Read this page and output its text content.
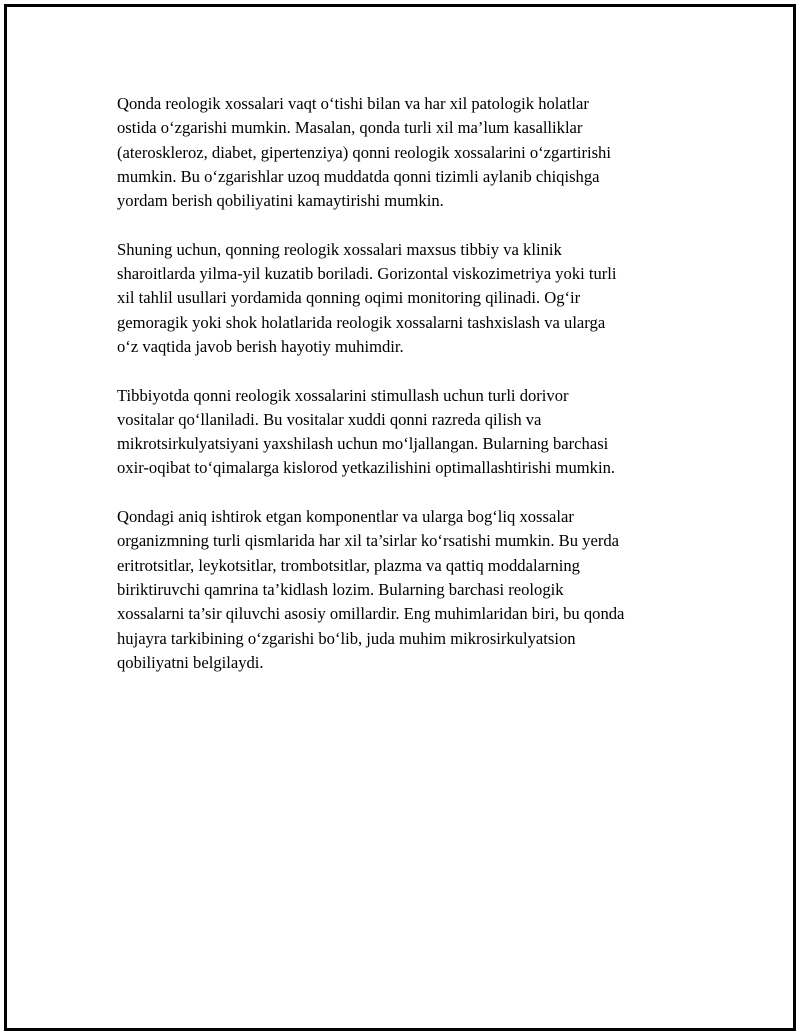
Qonda reologik xossalari vaqt o‘tishi bilan va har xil patologik holatlar
ostida o‘zgarishi mumkin. Masalan, qonda turli xil ma’lum kasalliklar
(ateroskleroz, diabet, gipertenziya) qonni reologik xossalarini o‘zgartirishi
mumkin. Bu o‘zgarishlar uzoq muddatda qonni tizimli aylanib chiqishga
yordam berish qobiliyatini kamaytirishi mumkin.

Shuning uchun, qonning reologik xossalari maxsus tibbiy va klinik
sharoitlarda yilma-yil kuzatib boriladi. Gorizontal viskozimetriya yoki turli
xil tahlil usullari yordamida qonning oqimi monitoring qilinadi. Og‘ir
gemoragik yoki shok holatlarida reologik xossalarni tashxislash va ularga
o‘z vaqtida javob berish hayotiy muhimdir.

Tibbiyotda qonni reologik xossalarini stimullash uchun turli dorivor
vositalar qo‘llaniladi. Bu vositalar xuddi qonni razreda qilish va
mikrotsirkulyatsiyani yaxshilash uchun mo‘ljallangan. Bularning barchasi
oxir-oqibat to‘qimalarga kislorod yetkazilishini optimallashtirishi mumkin.

Qondagi aniq ishtirok etgan komponentlar va ularga bog‘liq xossalar
organizmning turli qismlarida har xil ta’sirlar ko‘rsatishi mumkin. Bu yerda
eritrotsitlar, leykotsitlar, trombotsitlar, plazma va qattiq moddalarning
biriktiruvchi qamrina ta’kidlash lozim. Bularning barchasi reologik
xossalarni ta’sir qiluvchi asosiy omillardir. Eng muhimlaridan biri, bu qonda
hujayra tarkibining o‘zgarishi bo‘lib, juda muhim mikrosirkulyatsion
qobiliyatni belgilaydi.
